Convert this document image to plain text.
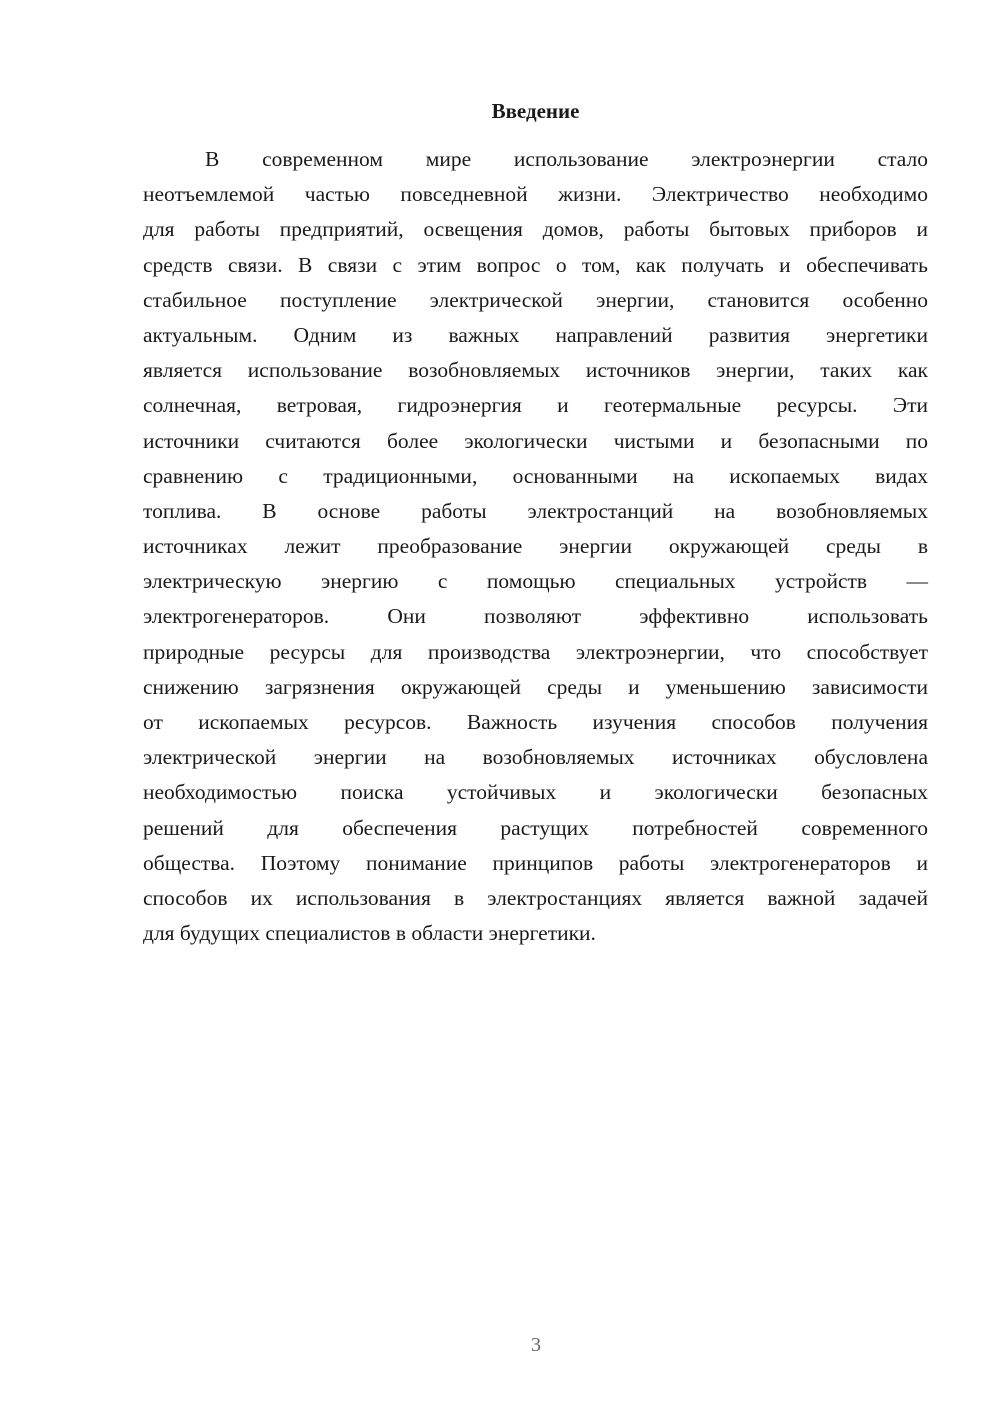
Введение
В современном мире использование электроэнергии стало
неотъемлемой частью повседневной жизни. Электричество необходимо
для работы предприятий, освещения домов, работы бытовых приборов и
средств связи. В связи с этим вопрос о том, как получать и обеспечивать
стабильное поступление электрической энергии, становится особенно
актуальным. Одним из важных направлений развития энергетики
является использование возобновляемых источников энергии, таких как
солнечная, ветровая, гидроэнергия и геотермальные ресурсы. Эти
источники считаются более экологически чистыми и безопасными по
сравнению с традиционными, основанными на ископаемых видах
топлива. В основе работы электростанций на возобновляемых
источниках лежит преобразование энергии окружающей среды в
электрическую энергию с помощью специальных устройств —
электрогенераторов. Они позволяют эффективно использовать
природные ресурсы для производства электроэнергии, что способствует
снижению загрязнения окружающей среды и уменьшению зависимости
от ископаемых ресурсов. Важность изучения способов получения
электрической энергии на возобновляемых источниках обусловлена
необходимостью поиска устойчивых и экологически безопасных
решений для обеспечения растущих потребностей современного
общества. Поэтому понимание принципов работы электрогенераторов и
способов их использования в электростанциях является важной задачей
для будущих специалистов в области энергетики.
3
